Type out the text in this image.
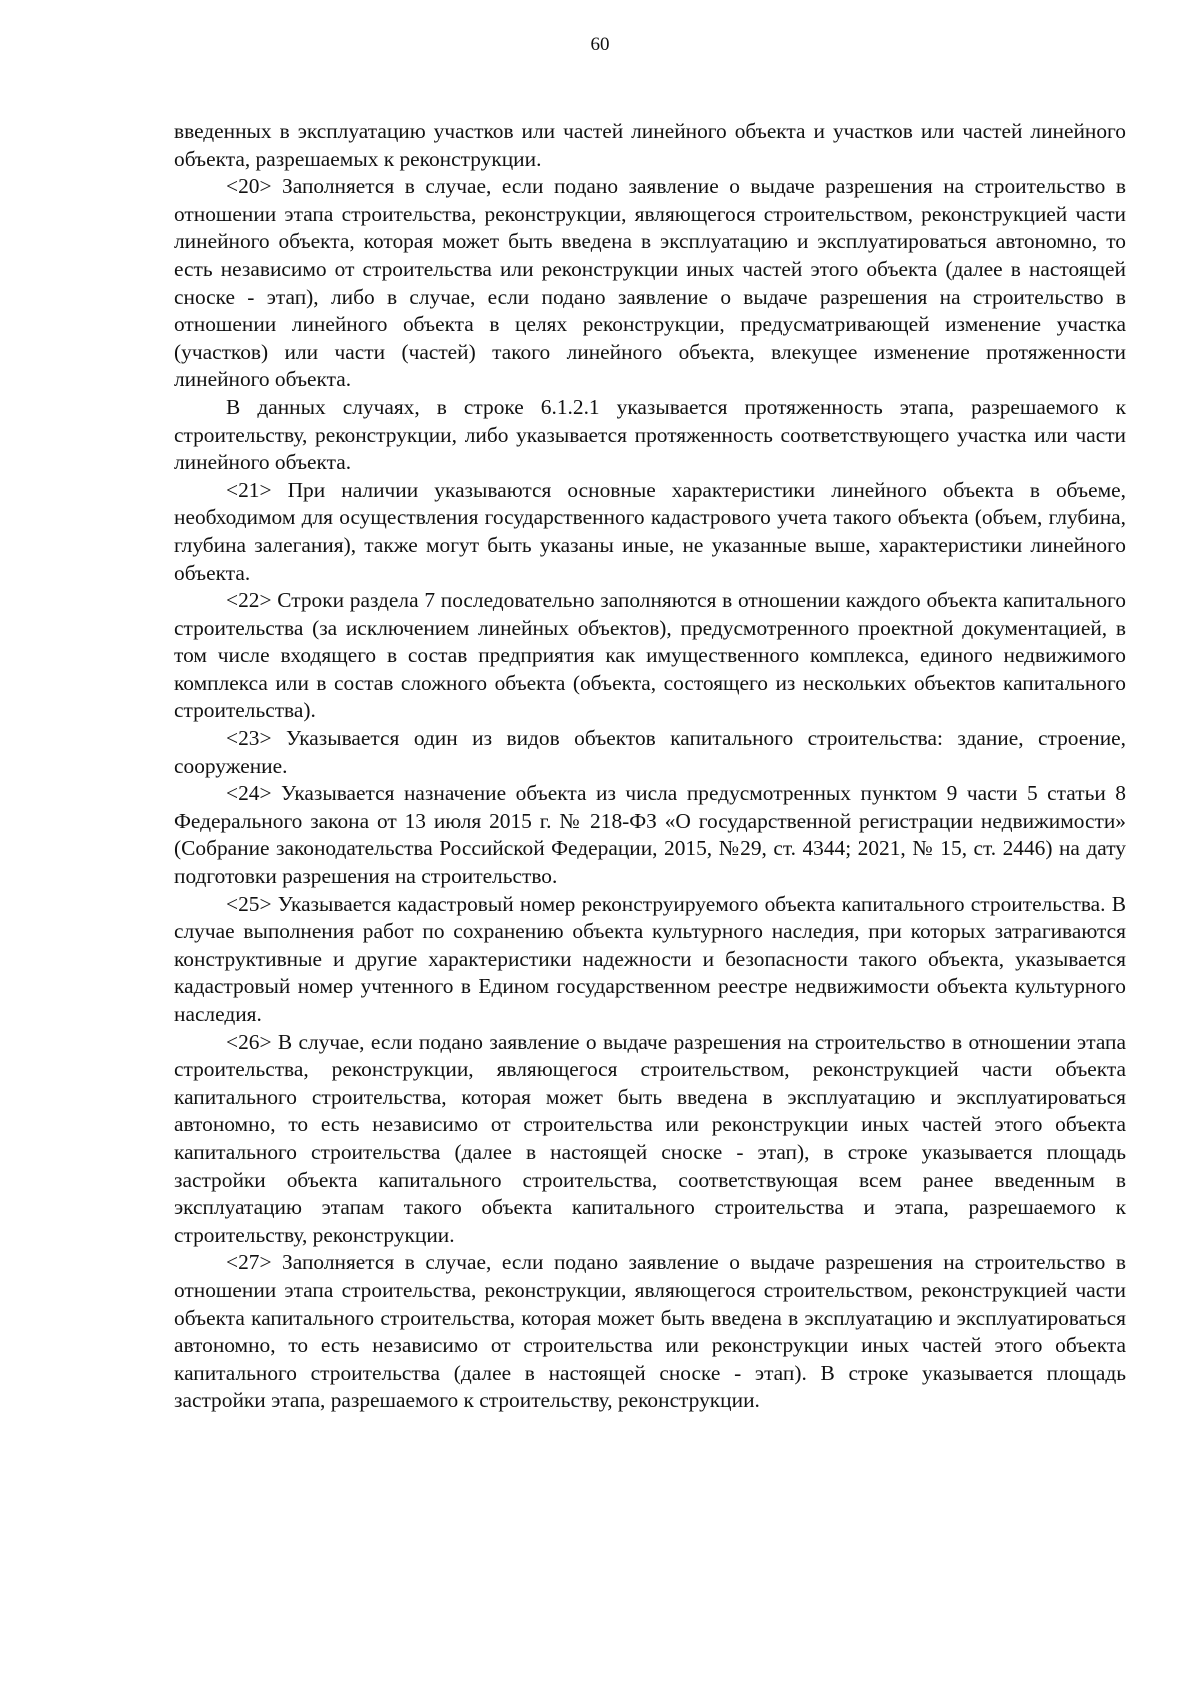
60

введенных в эксплуатацию участков или частей линейного объекта и участков или частей линейного объекта, разрешаемых к реконструкции.

<20> Заполняется в случае, если подано заявление о выдаче разрешения на строительство в отношении этапа строительства, реконструкции, являющегося строительством, реконструкцией части линейного объекта, которая может быть введена в эксплуатацию и эксплуатироваться автономно, то есть независимо от строительства или реконструкции иных частей этого объекта (далее в настоящей сноске - этап), либо в случае, если подано заявление о выдаче разрешения на строительство в отношении линейного объекта в целях реконструкции, предусматривающей изменение участка (участков) или части (частей) такого линейного объекта, влекущее изменение протяженности линейного объекта.

В данных случаях, в строке 6.1.2.1 указывается протяженность этапа, разрешаемого к строительству, реконструкции, либо указывается протяженность соответствующего участка или части линейного объекта.

<21> При наличии указываются основные характеристики линейного объекта в объеме, необходимом для осуществления государственного кадастрового учета такого объекта (объем, глубина, глубина залегания), также могут быть указаны иные, не указанные выше, характеристики линейного объекта.

<22> Строки раздела 7 последовательно заполняются в отношении каждого объекта капитального строительства (за исключением линейных объектов), предусмотренного проектной документацией, в том числе входящего в состав предприятия как имущественного комплекса, единого недвижимого комплекса или в состав сложного объекта (объекта, состоящего из нескольких объектов капитального строительства).

<23> Указывается один из видов объектов капитального строительства: здание, строение, сооружение.

<24> Указывается назначение объекта из числа предусмотренных пунктом 9 части 5 статьи 8 Федерального закона от 13 июля 2015 г. № 218-ФЗ «О государственной регистрации недвижимости» (Собрание законодательства Российской Федерации, 2015, №29, ст. 4344; 2021, № 15, ст. 2446) на дату подготовки разрешения на строительство.

<25> Указывается кадастровый номер реконструируемого объекта капитального строительства. В случае выполнения работ по сохранению объекта культурного наследия, при которых затрагиваются конструктивные и другие характеристики надежности и безопасности такого объекта, указывается кадастровый номер учтенного в Едином государственном реестре недвижимости объекта культурного наследия.

<26> В случае, если подано заявление о выдаче разрешения на строительство в отношении этапа строительства, реконструкции, являющегося строительством, реконструкцией части объекта капитального строительства, которая может быть введена в эксплуатацию и эксплуатироваться автономно, то есть независимо от строительства или реконструкции иных частей этого объекта капитального строительства (далее в настоящей сноске - этап), в строке указывается площадь застройки объекта капитального строительства, соответствующая всем ранее введенным в эксплуатацию этапам такого объекта капитального строительства и этапа, разрешаемого к строительству, реконструкции.

<27> Заполняется в случае, если подано заявление о выдаче разрешения на строительство в отношении этапа строительства, реконструкции, являющегося строительством, реконструкцией части объекта капитального строительства, которая может быть введена в эксплуатацию и эксплуатироваться автономно, то есть независимо от строительства или реконструкции иных частей этого объекта капитального строительства (далее в настоящей сноске - этап). В строке указывается площадь застройки этапа, разрешаемого к строительству, реконструкции.
